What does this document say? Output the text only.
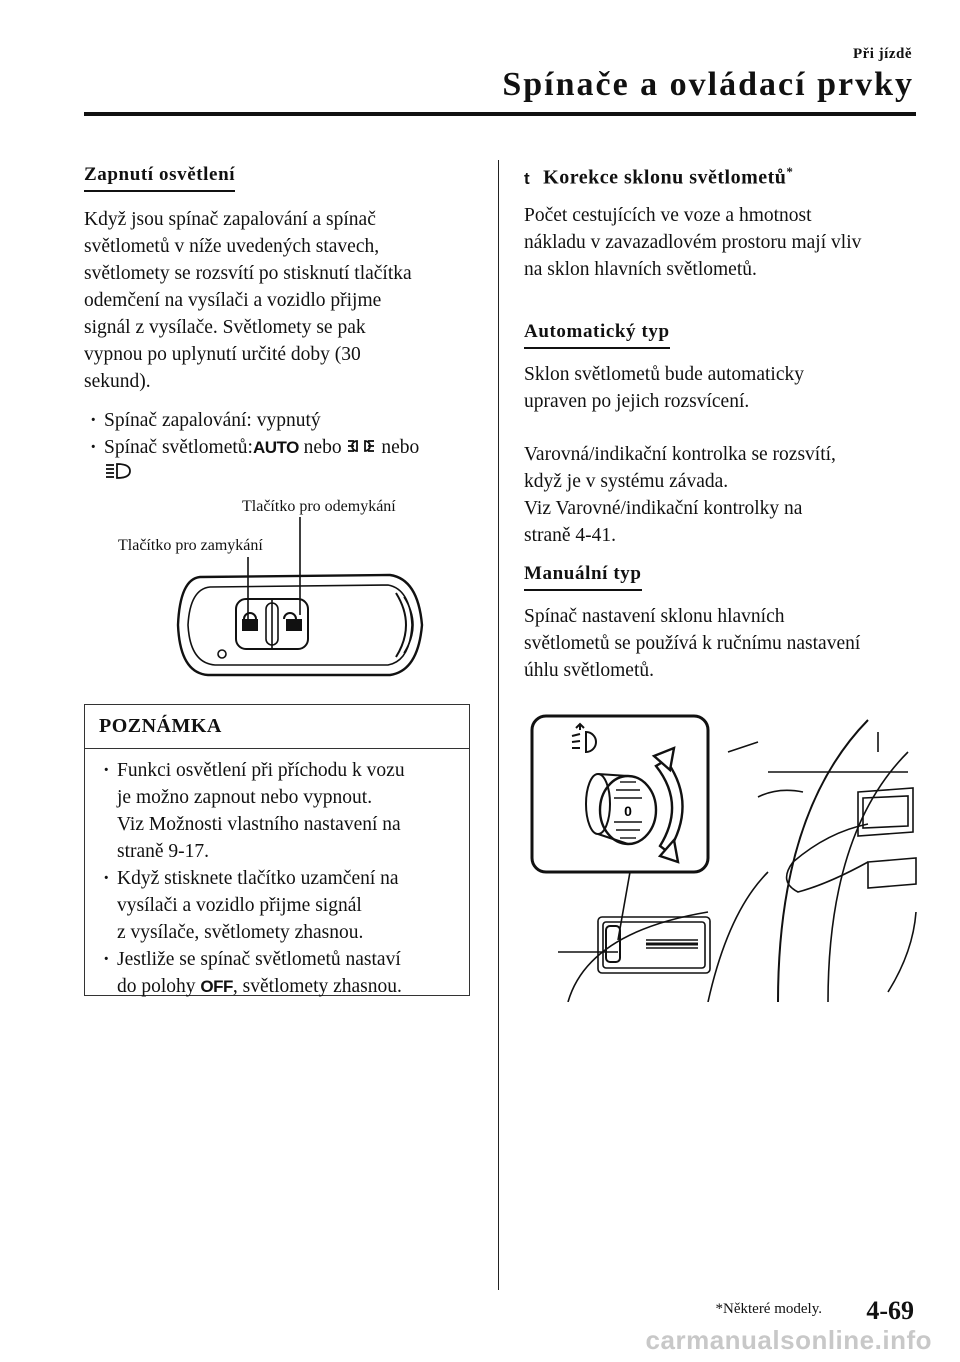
Při jízdě
Spínače a ovládací prvky
Zapnutí osvětlení
Když jsou spínač zapalování a spínač
světlometů v níže uvedených stavech,
světlomety se rozsvítí po stisknutí tlačítka
odemčení na vysílači a vozidlo přijme
signál z vysílače. Světlomety se pak
vypnou po uplynutí určité doby (30
sekund).
· Spínač zapalování: vypnutý
· Spínač světlometů:AUTO nebo nebo
Tlačítko pro odemykání
Tlačítko pro zamykání
POZNÁMKA
· Funkci osvětlení při příchodu k vozu
je možno zapnout nebo vypnout.
Viz Možnosti vlastního nastavení na
straně 9-17.
· Když stisknete tlačítko uzamčení na
vysílači a vozidlo přijme signál
z vysílače, světlomety zhasnou.
· Jestliže se spínač světlometů nastaví
do polohy OFF, světlomety zhasnou.
t Korekce sklonu světlometů*
Počet cestujících ve voze a hmotnost
nákladu v zavazadlovém prostoru mají vliv
na sklon hlavních světlometů.
Automatický typ
Sklon světlometů bude automaticky
upraven po jejich rozsvícení.
Varovná/indikační kontrolka se rozsvítí,
když je v systému závada.
Viz Varovné/indikační kontrolky na
straně 4-41.
Manuální typ
Spínač nastavení sklonu hlavních
světlometů se používá k ručnímu nastavení
úhlu světlometů.
0
*Některé modely. 4-69
carmanualsonline.info
